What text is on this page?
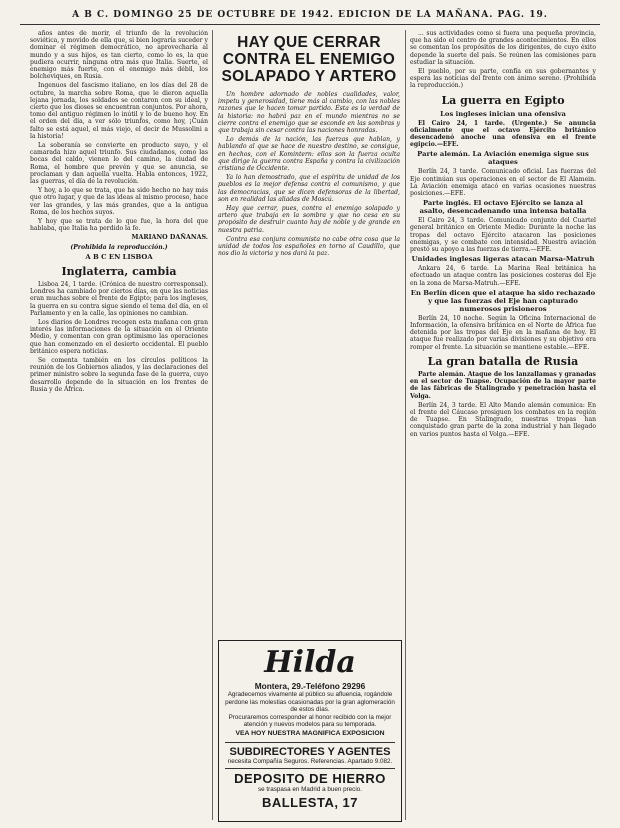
A B C. DOMINGO 25 DE OCTUBRE DE 1942. EDICION DE LA MAÑANA. PAG. 19.

años antes de morir, el triunfo de la revolución soviética, y movido de ella que, si bien lograría suceder y dominar el régimen democrático, no aprovecharía al mundo y a sus hijos, es tan cierto, como lo es, la que pudiera ocurrir, ninguna otra más que Italia. Suerte, el enemigo más fuerte, con el enemigo más débil, los bolcheviques, en Rusia.

Ingenuos del fascismo italiano, en los días del 28 de octubre, la marcha sobre Roma, que le dieron aquella lejana jornada, los soldados se contaron con su ideal, y cierto que los dioses se encuentran conjuntos. Por ahora, tomo del antiguo régimen lo inútil y lo de bueno hoy. En el orden del día, a ver sólo triunfos, como hoy, ¡Cuán falto se está aquel, el más viejo, el decir de Mussolini a la historia!

La soberanía se convierte en producto suyo, y el camarada hizo aquel triunfo. Sus ciudadanos, como las bocas del caldo, vienen lo del camino, la ciudad de Roma, el hombre que prevén y que se anuncia, se proclaman y dan aquella vuelta. Habla entonces, 1922, las guerras, el día de la revolución.

Y hoy, a lo que se trata, que ha sido hecho no hay más que otro lugar, y que de las ideas al mismo proceso, hace ver las grandes, y las más grandes, que a la antigua Roma, de los hechos suyos.

Y hoy que se trata de lo que fue, la hora del que hablaba, que Italia ha perdido la fe.

MARIANO DAÑANAS.

(Prohibida la reproducción.)

A B C EN LISBOA

Inglaterra, cambia

Lisboa 24, 1 tarde. (Crónica de nuestro corresponsal). Londres ha cambiado por ciertos días, en que las noticias eran muchas sobre el frente de Egipto; para los ingleses, la guerra en su contra sigue siendo el tema del día, en el Parlamento y en la calle, las opiniones no cambian.

Los diarios de Londres recogen esta mañana con gran interés las informaciones de la situación en el Oriente Medio, y comentan con gran optimismo las operaciones que han comenzado en el desierto occidental. El pueblo británico espera noticias.

Se comenta también en los círculos políticos la reunión de los Gobiernos aliados, y las declaraciones del primer ministro sobre la segunda fase de la guerra, cuyo desarrollo depende de la situación en los frentes de Rusia y de África.

HAY QUE CERRAR CONTRA EL ENEMIGO SOLAPADO Y ARTERO

Un hombre adornado de nobles cualidades, valor, impetu y generosidad, tiene más al cambio, con las nobles razones que le hacen tomar partido. Ésta es la verdad de la historia: no habrá paz en el mundo mientras no se cierre contra el enemigo que se esconde en las sombras y que trabaja sin cesar contra las naciones honradas.

Lo demás de la nación, las fuerzas que hablan, y hablando al que se hace de nuestro destino, se consigue, en hechos, con el Komintern: ellos son la fuerza oculta que dirige la guerra contra España y contra la civilización cristiana de Occidente.

Ya lo han demostrado, que el espíritu de unidad de los pueblos es la mejor defensa contra el comunismo, y que las democracias, que se dicen defensoras de la libertad, son en realidad las aliadas de Moscú.

Hay que cerrar, pues, contra el enemigo solapado y artero que trabaja en la sombra y que no cesa en su propósito de destruir cuanto hay de noble y de grande en nuestra patria.

Contra esa conjura comunista no cabe otra cosa que la unidad de todos los españoles en torno al Caudillo, que nos dio la victoria y nos dará la paz.

Hilda
Montera, 29.-Teléfono 29296
Agradecemos vivamente al público su afluencia, rogándole perdone las molestias ocasionadas por la gran aglomeración de estos días.
Procuraremos corresponder al honor recibido con la mejor atención y nuevos modelos para su temporada.
VEA HOY NUESTRA MAGNIFICA EXPOSICION
SUBDIRECTORES Y AGENTES
necesita Compañía Seguros. Referencias. Apartado 9.082.
DEPOSITO DE HIERRO
se traspasa en Madrid a buen precio.
BALLESTA, 17

... sus actividades como si fuera una pequeña provincia, que ha sido el centro de grandes acontecimientos. En ellos se comentan los propósitos de los dirigentes, de cuyo éxito depende la suerte del país. Se reúnen las comisiones para estudiar la situación.

El pueblo, por su parte, confía en sus gobernantes y espera las noticias del frente con ánimo sereno. (Prohibida la reproducción.)

La guerra en Egipto

Los ingleses inician una ofensiva

El Cairo 24, 1 tarde. (Urgente.) Se anuncia oficialmente que el octavo Ejército británico desencadenó anoche una ofensiva en el frente egipcio.—EFE.

Parte alemán. La Aviación enemiga sigue sus ataques

Berlín 24, 3 tarde. Comunicado oficial. Las fuerzas del Eje continúan sus operaciones en el sector de El Alamein. La Aviación enemiga atacó en varias ocasiones nuestras posiciones.—EFE.

Parte inglés. El octavo Ejército se lanza al asalto, desencadenando una intensa batalla

El Cairo 24, 3 tarde. Comunicado conjunto del Cuartel general británico en Oriente Medio: Durante la noche las tropas del octavo Ejército atacaron las posiciones enemigas, y se combate con intensidad. Nuestra aviación prestó su apoyo a las fuerzas de tierra.—EFE.

Unidades inglesas ligeras atacan Marsa-Matruh

Ankara 24, 6 tarde. La Marina Real británica ha efectuado un ataque contra las posiciones costeras del Eje en la zona de Marsa-Matruh.—EFE.

En Berlín dicen que el ataque ha sido rechazado y que las fuerzas del Eje han capturado numerosos prisioneros

Berlín 24, 10 noche. Según la Oficina Internacional de Información, la ofensiva británica en el Norte de África fue detenida por las tropas del Eje en la mañana de hoy. El ataque fue realizado por varias divisiones y su objetivo era romper el frente. La situación se mantiene estable.—EFE.

La gran batalla de Rusia

Parte alemán. Ataque de los lanzallamas y granadas en el sector de Tuapse. Ocupación de la mayor parte de las fábricas de Stalingrado y penetración hasta el Volga.

Berlín 24, 3 tarde. El Alto Mando alemán comunica: En el frente del Cáucaso prosiguen los combates en la región de Tuapse. En Stalingrado, nuestras tropas han conquistado gran parte de la zona industrial y han llegado en varios puntos hasta el Volga.—EFE.
